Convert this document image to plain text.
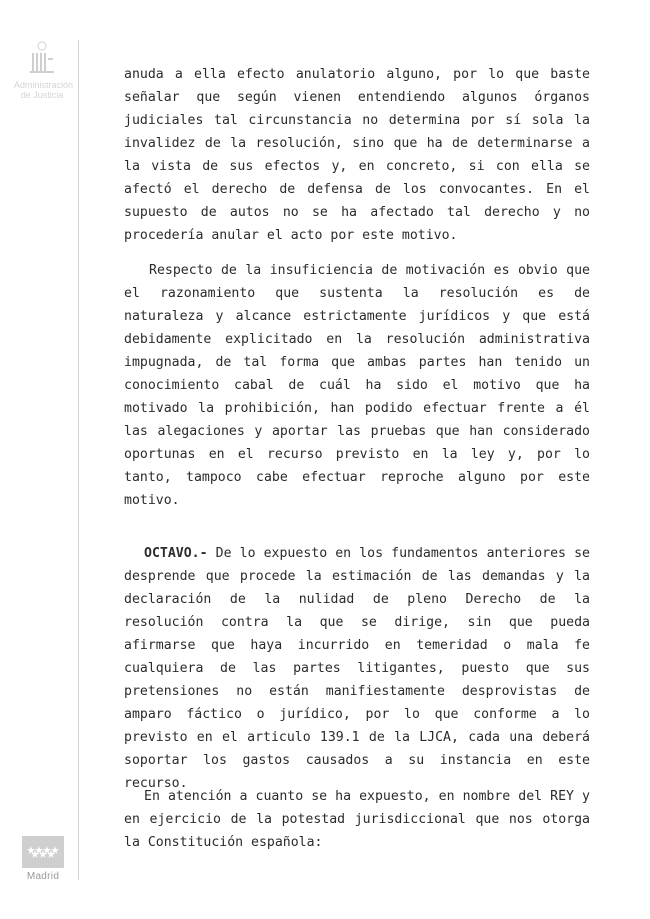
Administración
de Justicia
Madrid
anuda a ella efecto anulatorio alguno, por lo que baste señalar que según vienen entendiendo algunos órganos judiciales tal circunstancia no determina por sí sola la invalidez de la resolución, sino que ha de determinarse a la vista de sus efectos y, en concreto, si con ella se afectó el derecho de defensa de los convocantes. En el supuesto de autos no se ha afectado tal derecho y no procedería anular el acto por este motivo.
Respecto de la insuficiencia de motivación es obvio que el razonamiento que sustenta la resolución es de naturaleza y alcance estrictamente jurídicos y que está debidamente explicitado en la resolución administrativa impugnada, de tal forma que ambas partes han tenido un conocimiento cabal de cuál ha sido el motivo que ha motivado la prohibición, han podido efectuar frente a él las alegaciones y aportar las pruebas que han considerado oportunas en el recurso previsto en la ley y, por lo tanto, tampoco cabe efectuar reproche alguno por este motivo.
OCTAVO.- De lo expuesto en los fundamentos anteriores se desprende que procede la estimación de las demandas y la declaración de la nulidad de pleno Derecho de la resolución contra la que se dirige, sin que pueda afirmarse que haya incurrido en temeridad o mala fe cualquiera de las partes litigantes, puesto que sus pretensiones no están manifiestamente desprovistas de amparo fáctico o jurídico, por lo que conforme a lo previsto en el articulo 139.1 de la LJCA, cada una deberá soportar los gastos causados a su instancia en este recurso.
En atención a cuanto se ha expuesto, en nombre del REY y en ejercicio de la potestad jurisdiccional que nos otorga la Constitución española:
